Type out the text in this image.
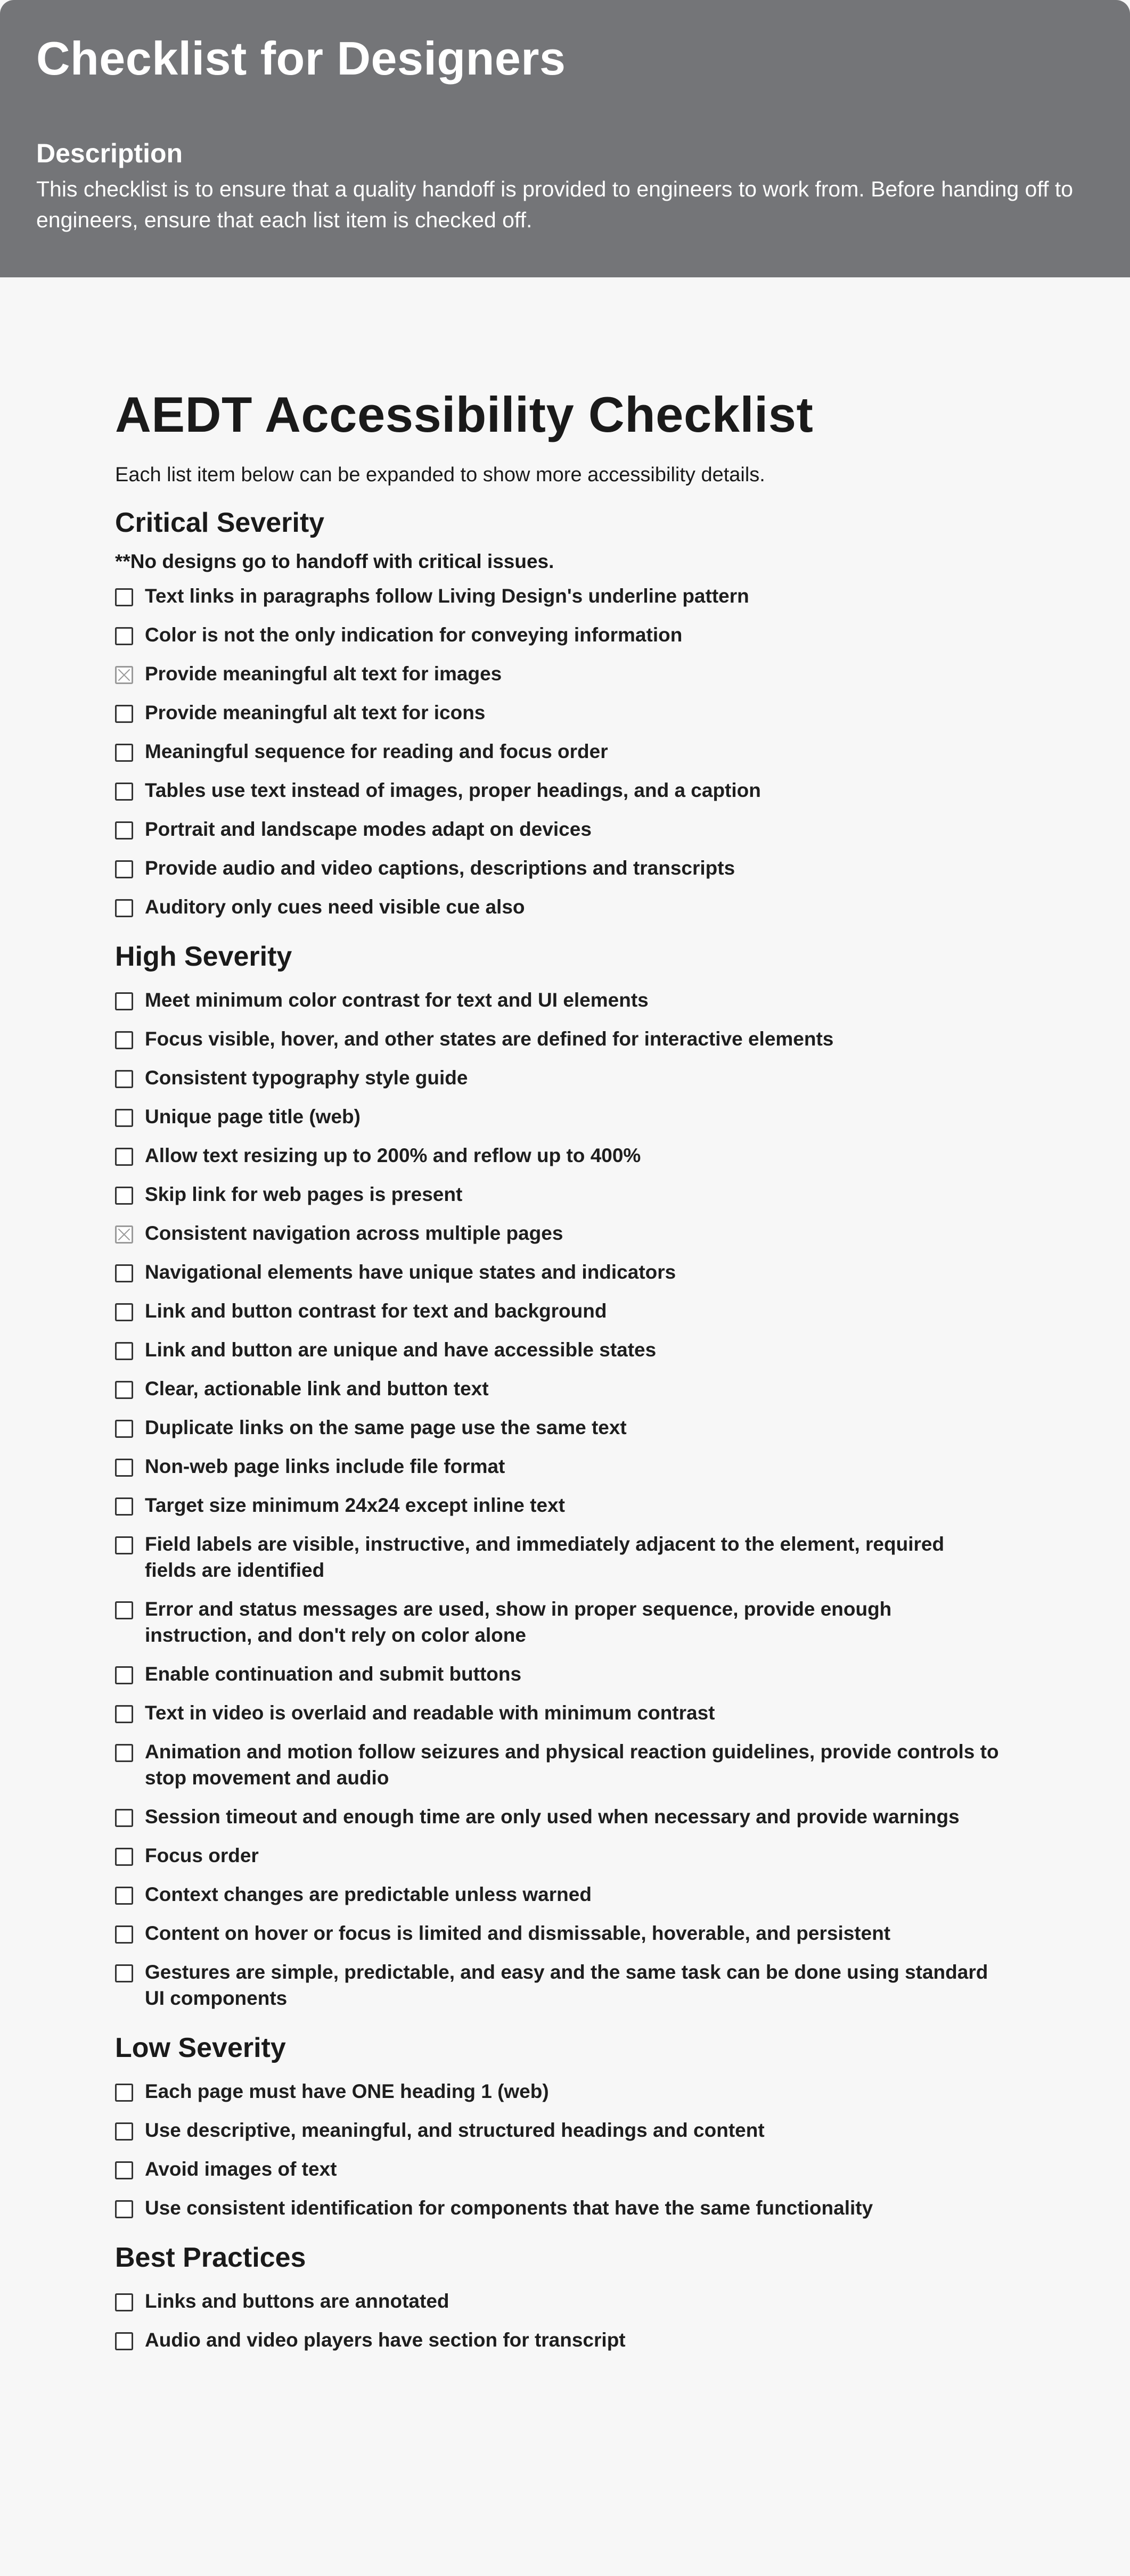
Checklist for Designers
Description

This checklist is to ensure that a quality handoff is provided to engineers to work from. Before handing off to engineers, ensure that each list item is checked off.

AEDT Accessibility Checklist

Each list item below can be expanded to show more accessibility details.

Critical Severity

**No designs go to handoff with critical issues.

Text links in paragraphs follow Living Design's underline pattern
Color is not the only indication for conveying information
Provide meaningful alt text for images
Provide meaningful alt text for icons
Meaningful sequence for reading and focus order
Tables use text instead of images, proper headings, and a caption
Portrait and landscape modes adapt on devices
Provide audio and video captions, descriptions and transcripts
Auditory only cues need visible cue also
High Severity
Meet minimum color contrast for text and UI elements
Focus visible, hover, and other states are defined for interactive elements
Consistent typography style guide
Unique page title (web)
Allow text resizing up to 200% and reflow up to 400%
Skip link for web pages is present
Consistent navigation across multiple pages
Navigational elements have unique states and indicators
Link and button contrast for text and background
Link and button are unique and have accessible states
Clear, actionable link and button text
Duplicate links on the same page use the same text
Non-web page links include file format
Target size minimum 24x24 except inline text
Field labels are visible, instructive, and immediately adjacent to the element, required fields are identified
Error and status messages are used, show in proper sequence, provide enough instruction, and don't rely on color alone
Enable continuation and submit buttons
Text in video is overlaid and readable with minimum contrast
Animation and motion follow seizures and physical reaction guidelines, provide controls to stop movement and audio
Session timeout and enough time are only used when necessary and provide warnings
Focus order
Context changes are predictable unless warned
Content on hover or focus is limited and dismissable, hoverable, and persistent
Gestures are simple, predictable, and easy and the same task can be done using standard UI components
Low Severity
Each page must have ONE heading 1 (web)
Use descriptive, meaningful, and structured headings and content
Avoid images of text
Use consistent identification for components that have the same functionality
Best Practices
Links and buttons are annotated
Audio and video players have section for transcript
